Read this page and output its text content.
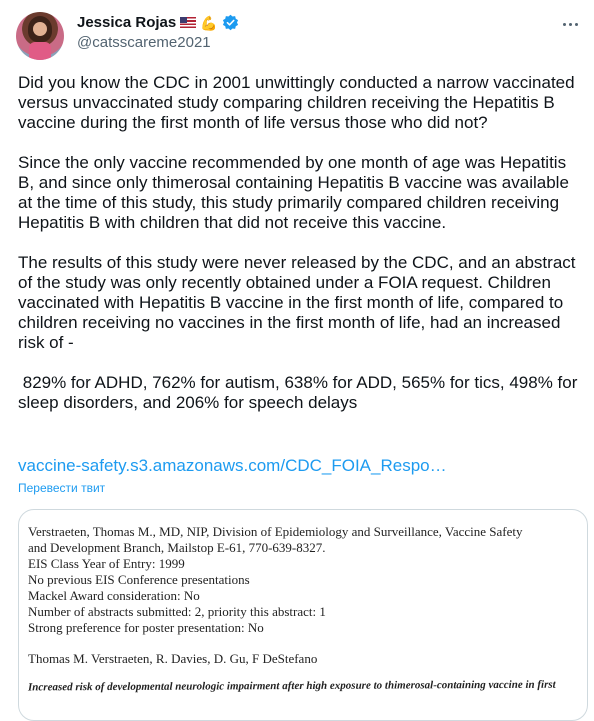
Jessica Rojas 💪
@catsscareme2021

Did you know the CDC in 2001 unwittingly conducted a narrow vaccinated versus unvaccinated study comparing children receiving the Hepatitis B vaccine during the first month of life versus those who did not?

Since the only vaccine recommended by one month of age was Hepatitis B, and since only thimerosal containing Hepatitis B vaccine was available at the time of this study, this study primarily compared children receiving Hepatitis B with children that did not receive this vaccine.

The results of this study were never released by the CDC, and an abstract of the study was only recently obtained under a FOIA request. Children vaccinated with Hepatitis B vaccine in the first month of life, compared to children receiving no vaccines in the first month of life, had an increased risk of -

829% for ADHD, 762% for autism, 638% for ADD, 565% for tics, 498% for sleep disorders, and 206% for speech delays

vaccine-safety.s3.amazonaws.com/CDC_FOIA_Respo…
Перевести твит
Verstraeten, Thomas M., MD, NIP, Division of Epidemiology and Surveillance, Vaccine Safety
and Development Branch, Mailstop E-61, 770-639-8327.
EIS Class Year of Entry: 1999
No previous EIS Conference presentations
Mackel Award consideration: No
Number of abstracts submitted: 2, priority this abstract: 1
Strong preference for poster presentation: No
Thomas M. Verstraeten, R. Davies, D. Gu, F DeStefano
Increased risk of developmental neurologic impairment after high exposure to thimerosal-containing vaccine in first
